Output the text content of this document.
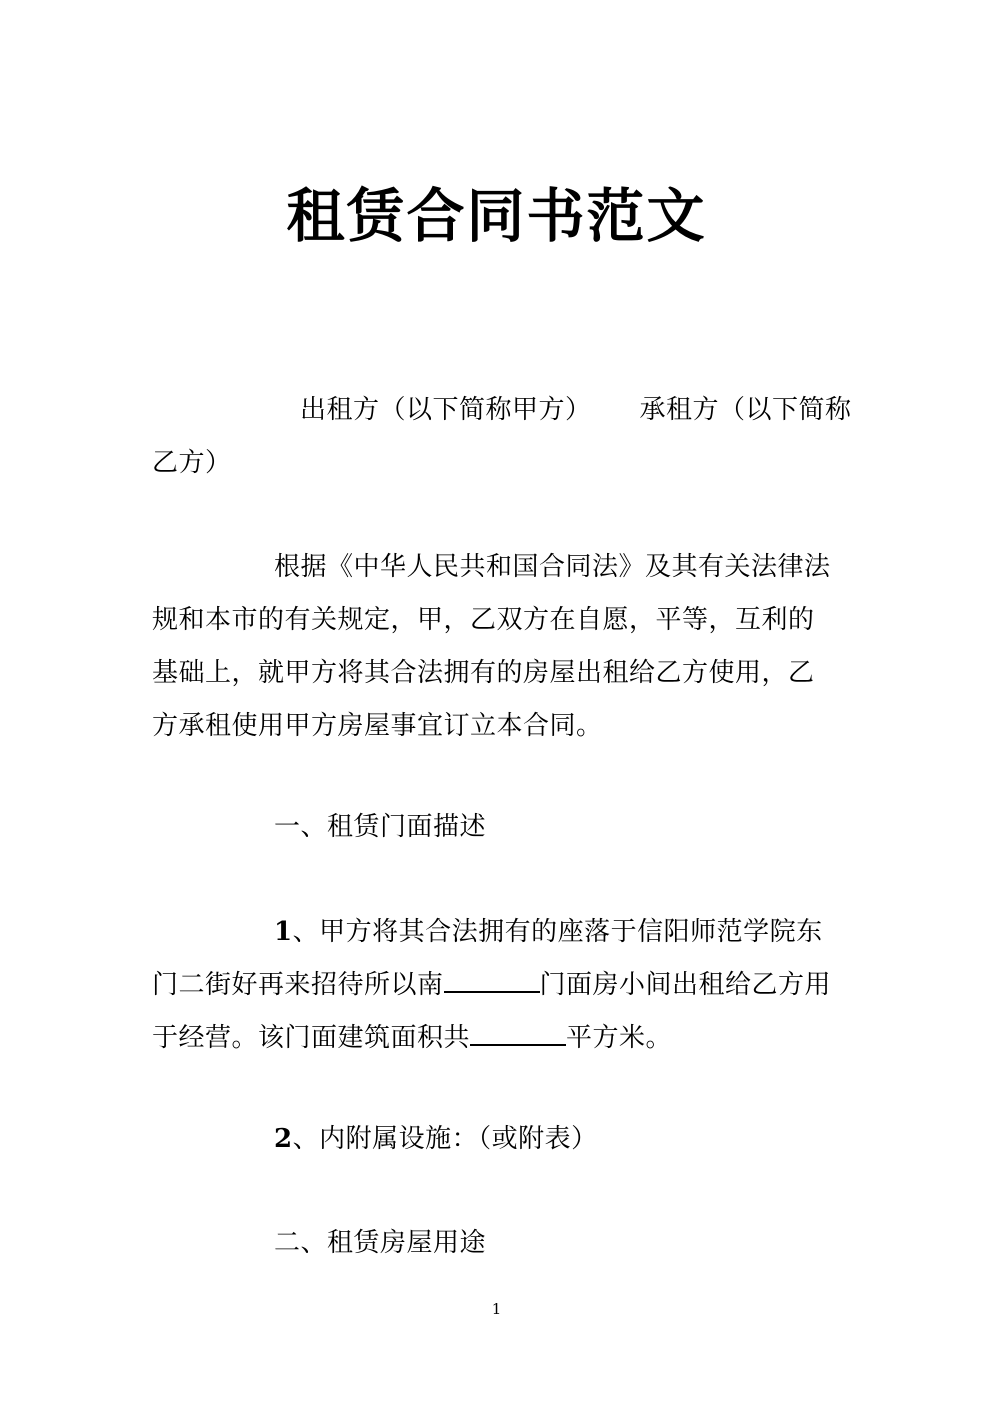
租赁合同书范文
出租方（以下简称甲方） 承租方（以下简称
乙方）
根据《中华人民共和国合同法》及其有关法律法
规和本市的有关规定，甲，乙双方在自愿，平等，互利的
基础上，就甲方将其合法拥有的房屋出租给乙方使用，乙
方承租使用甲方房屋事宜订立本合同。
一、租赁门面描述
1、甲方将其合法拥有的座落于信阳师范学院东
门二街好再来招待所以南	门面房小间出租给乙方用
于经营。该门面建筑面积共	平方米。
2、内附属设施：（或附表）
二、租赁房屋用途
1
